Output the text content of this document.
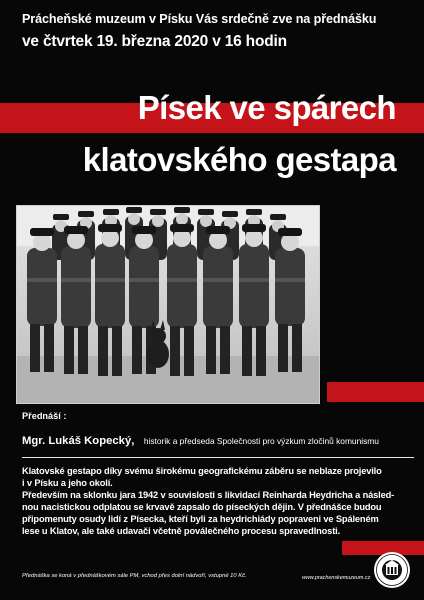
Prácheňské muzeum v Písku Vás srdečně zve na přednášku
ve čtvrtek 19. března 2020 v 16 hodin
Písek ve spárech
klatovského gestapa
Přednáší :
Mgr. Lukáš Kopecký, historik a předseda Společnosti pro výzkum zločinů komunismu
Klatovské gestapo díky svému širokému geografickému záběru se neblaze projevilo
i v Písku a jeho okolí.
Především na sklonku jara 1942 v souvislosti s likvidací Reinharda Heydricha a násled-
nou nacistickou odplatou se krvavě zapsalo do píseckých dějin. V přednášce budou
připomenuty osudy lidí z Písecka, kteří byli za heydrichiády popraveni ve Spáleném
lese u Klatov, ale také udavači včetně poválečného procesu spravedlnosti.
Přednáška se koná v přednáškovém sále PM, vchod přes dolní nádvoří, vstupné 10 Kč.	www.prachenskemuzeum.cz
